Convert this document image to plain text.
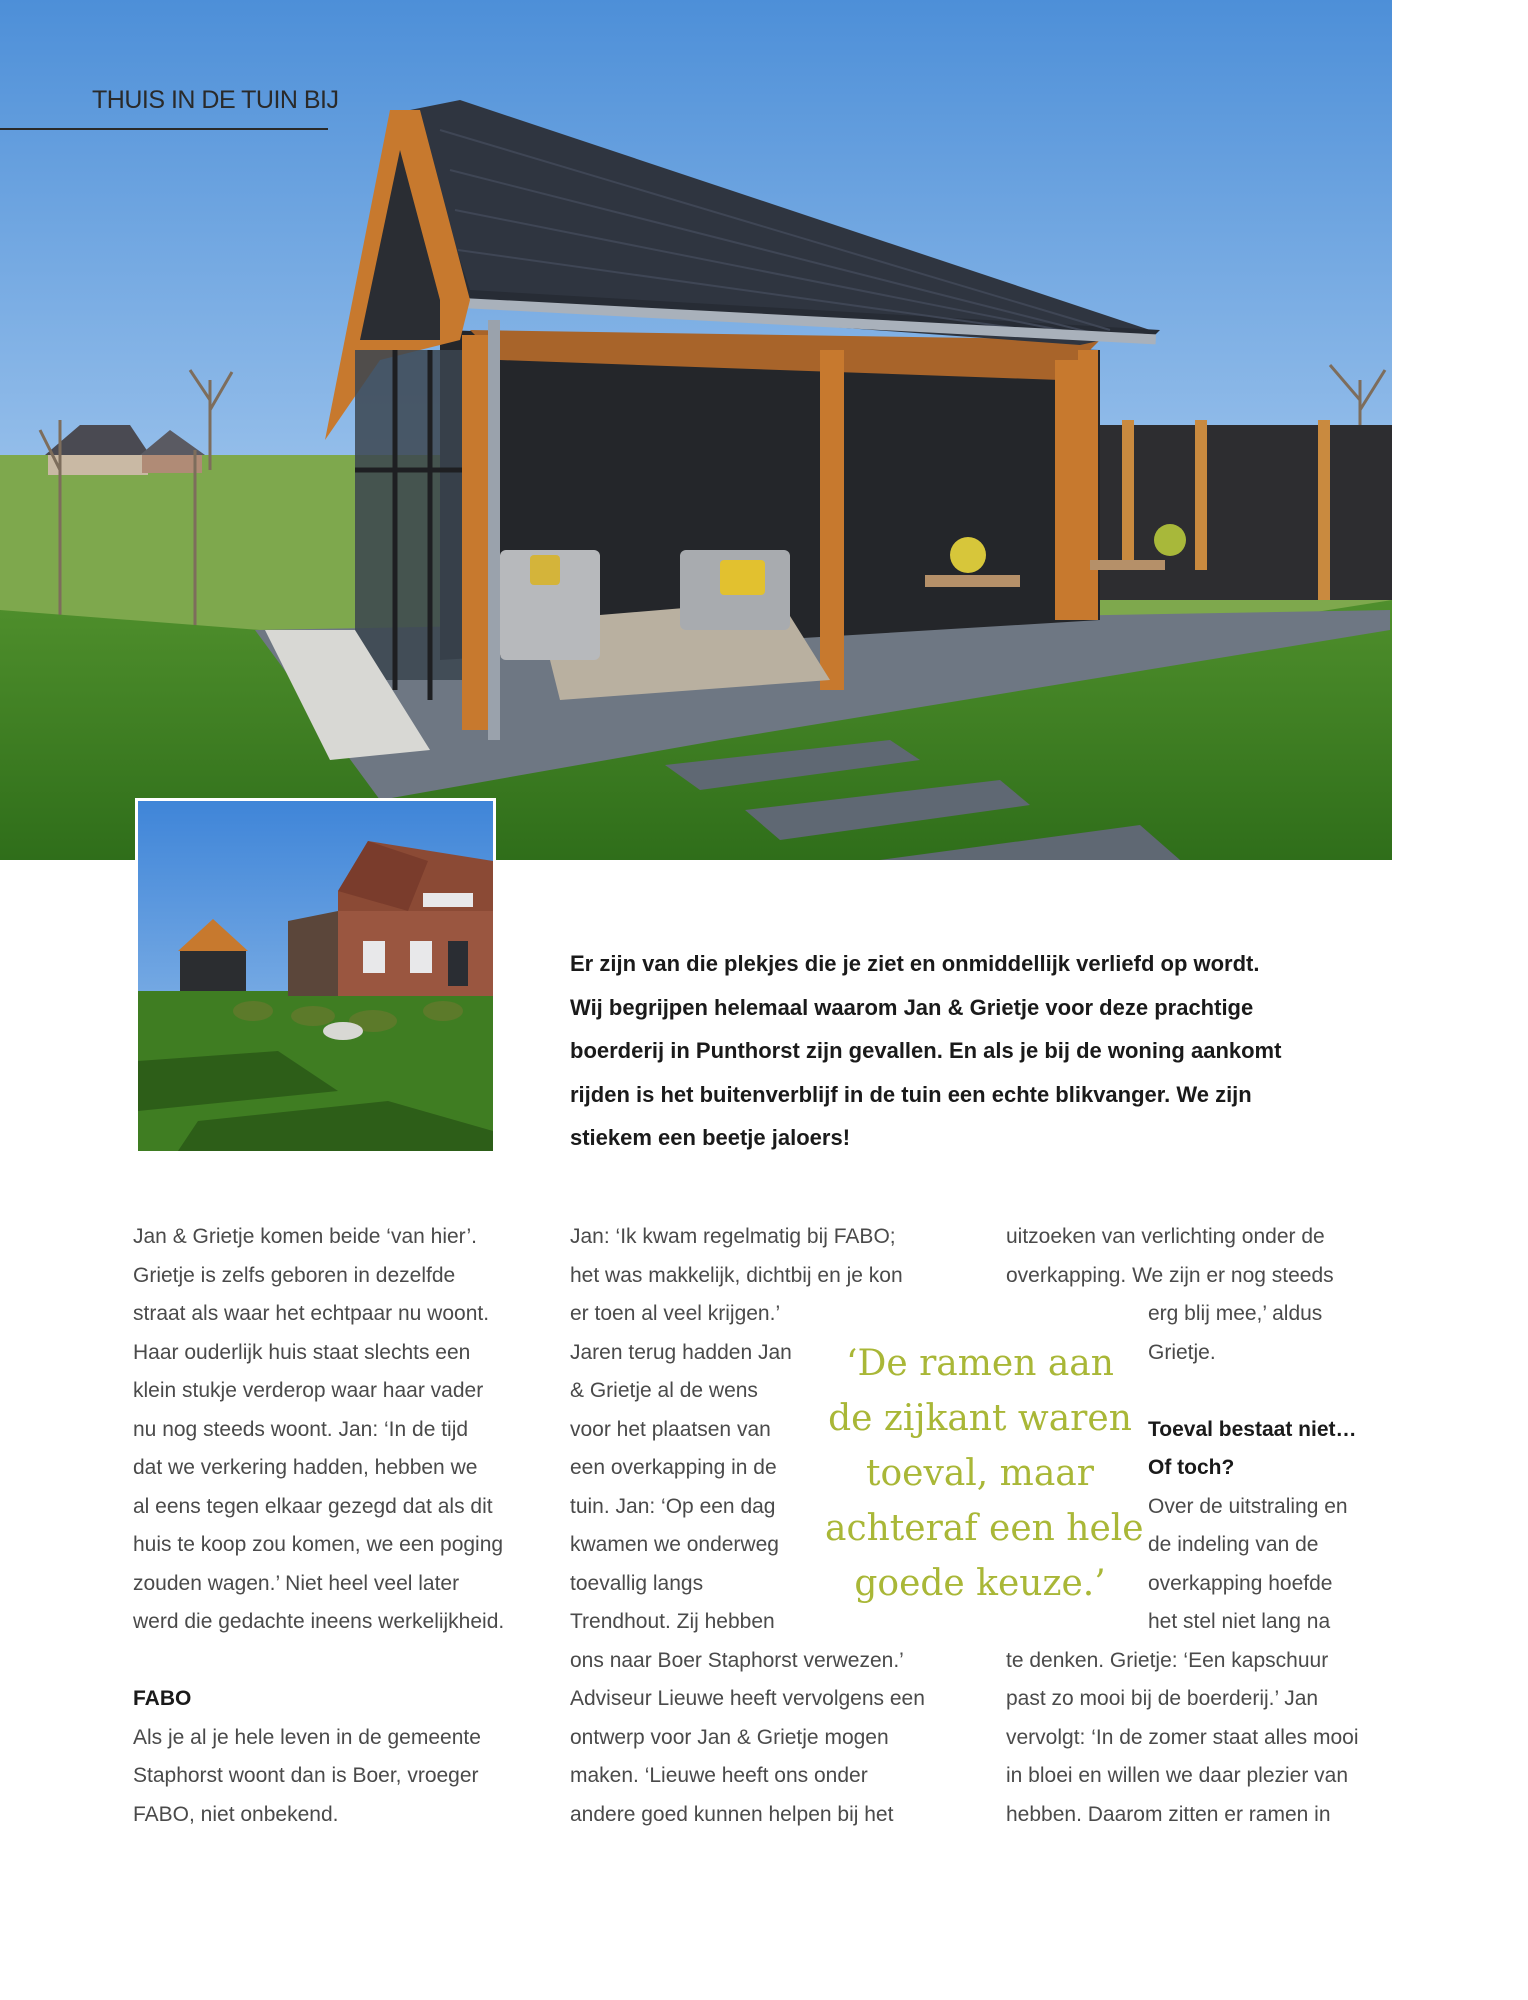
THUIS IN DE TUIN BIJ

Er zijn van die plekjes die je ziet en onmiddellijk verliefd op wordt.

Wij begrijpen helemaal waarom Jan & Grietje voor deze prachtige

boerderij in Punthorst zijn gevallen. En als je bij de woning aankomt

rijden is het buitenverblijf in de tuin een echte blikvanger. We zijn

stiekem een beetje jaloers!

Jan & Grietje komen beide ‘van hier’.
Grietje is zelfs geboren in dezelfde
straat als waar het echtpaar nu woont.
Haar ouderlijk huis staat slechts een
klein stukje verderop waar haar vader
nu nog steeds woont. Jan: ‘In de tijd
dat we verkering hadden, hebben we
al eens tegen elkaar gezegd dat als dit
huis te koop zou komen, we een poging
zouden wagen.’ Niet heel veel later
werd die gedachte ineens werkelijkheid.
FABO
Als je al je hele leven in de gemeente
Staphorst woont dan is Boer, vroeger
FABO, niet onbekend.
Jan: ‘Ik kwam regelmatig bij FABO;
het was makkelijk, dichtbij en je kon
er toen al veel krijgen.’
Jaren terug hadden Jan
& Grietje al de wens
voor het plaatsen van
een overkapping in de
tuin. Jan: ‘Op een dag
kwamen we onderweg
toevallig langs
Trendhout. Zij hebben
ons naar Boer Staphorst verwezen.’
Adviseur Lieuwe heeft vervolgens een
ontwerp voor Jan & Grietje mogen
maken. ‘Lieuwe heeft ons onder
andere goed kunnen helpen bij het
‘De ramen aan
de zijkant waren
toeval, maar
achteraf een hele
goede keuze.’
uitzoeken van verlichting onder de
overkapping. We zijn er nog steeds
erg blij mee,’ aldus
Grietje.
Toeval bestaat niet…
Of toch?
Over de uitstraling en
de indeling van de
overkapping hoefde
het stel niet lang na
te denken. Grietje: ‘Een kapschuur
past zo mooi bij de boerderij.’ Jan
vervolgt: ‘In de zomer staat alles mooi
in bloei en willen we daar plezier van
hebben. Daarom zitten er ramen in
